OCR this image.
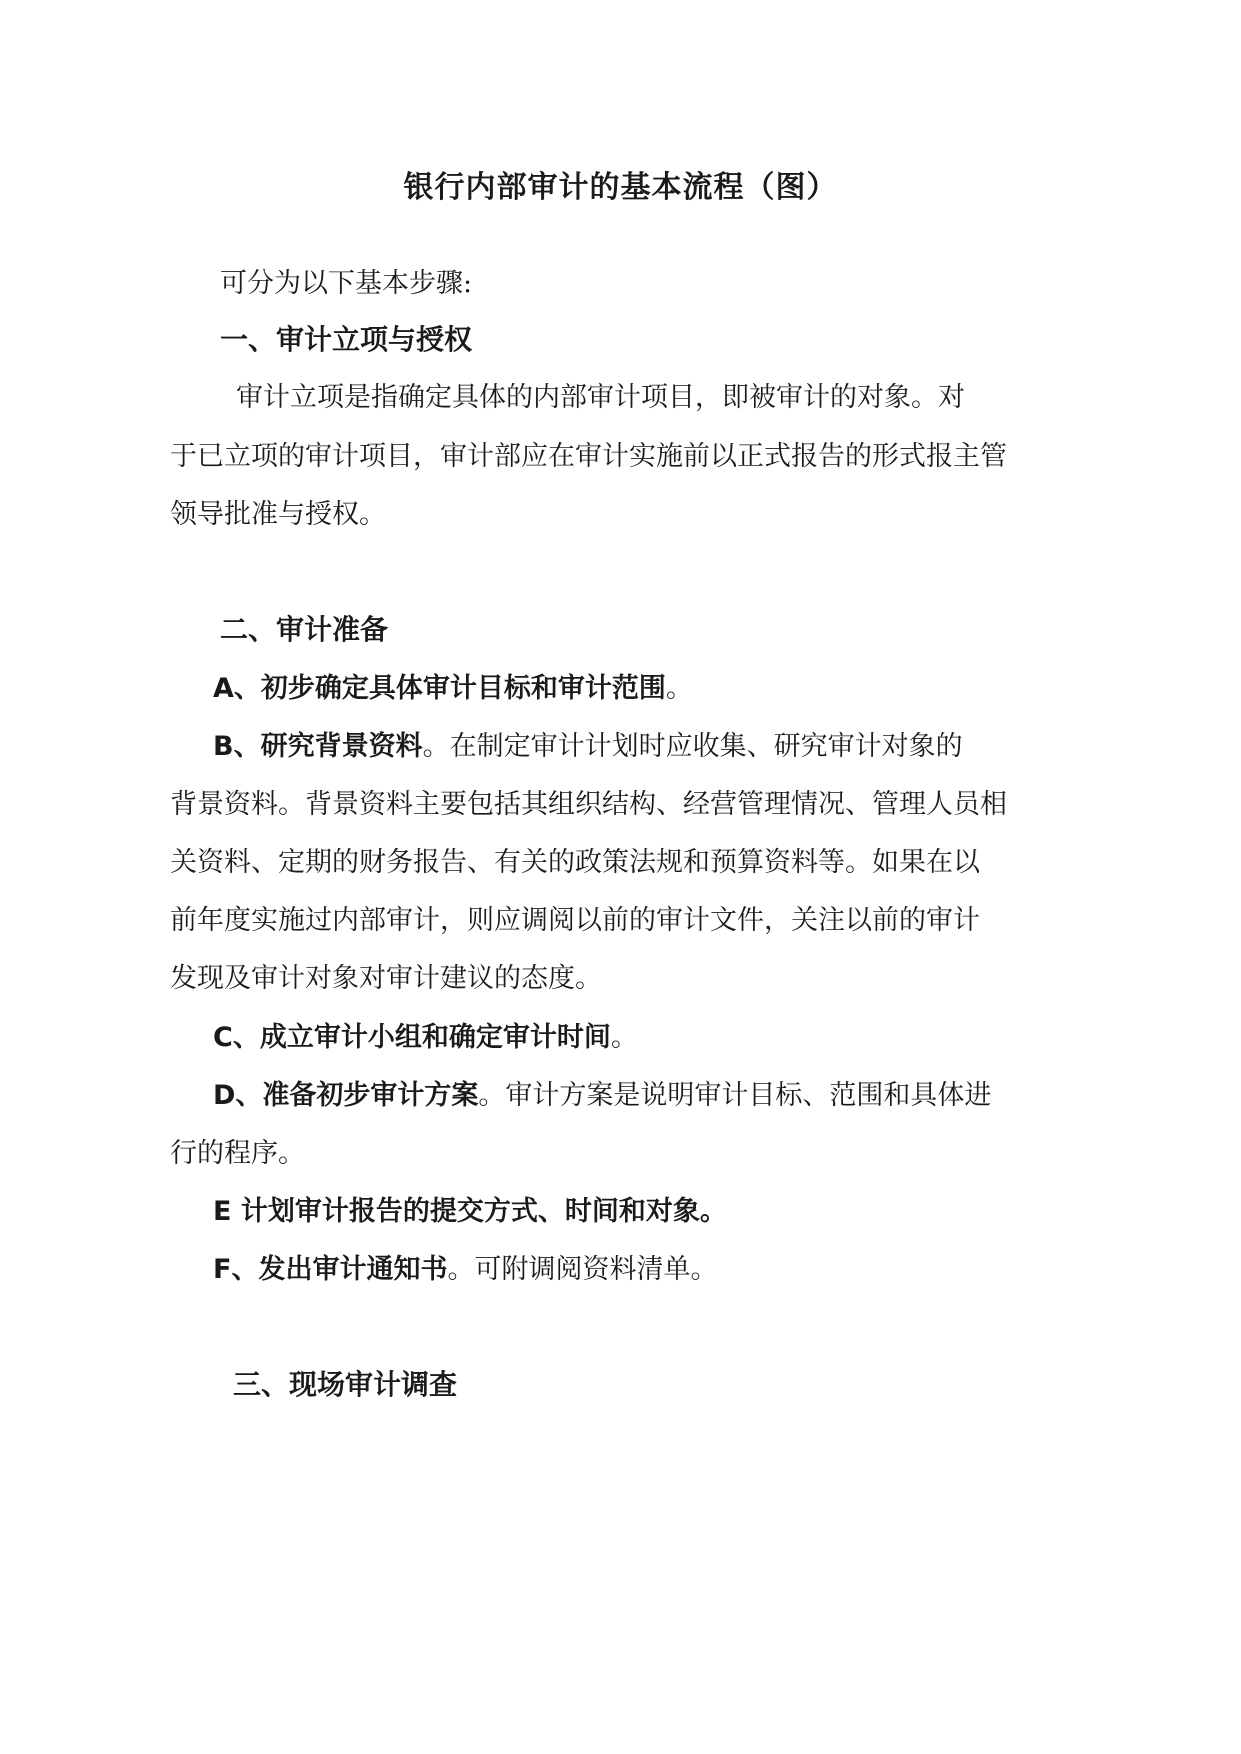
银行内部审计的基本流程（图）
可分为以下基本步骤:
一、审计立项与授权
审计立项是指确定具体的内部审计项目，即被审计的对象。对
于已立项的审计项目，审计部应在审计实施前以正式报告的形式报主管
领导批准与授权。
二、审计准备
A、初步确定具体审计目标和审计范围。
B、研究背景资料。在制定审计计划时应收集、研究审计对象的
背景资料。背景资料主要包括其组织结构、经营管理情况、管理人员相
关资料、定期的财务报告、有关的政策法规和预算资料等。如果在以
前年度实施过内部审计，则应调阅以前的审计文件，关注以前的审计
发现及审计对象对审计建议的态度。
C、成立审计小组和确定审计时间。
D、准备初步审计方案。审计方案是说明审计目标、范围和具体进
行的程序。
E 计划审计报告的提交方式、时间和对象。
F、发出审计通知书。可附调阅资料清单。
三、现场审计调查
